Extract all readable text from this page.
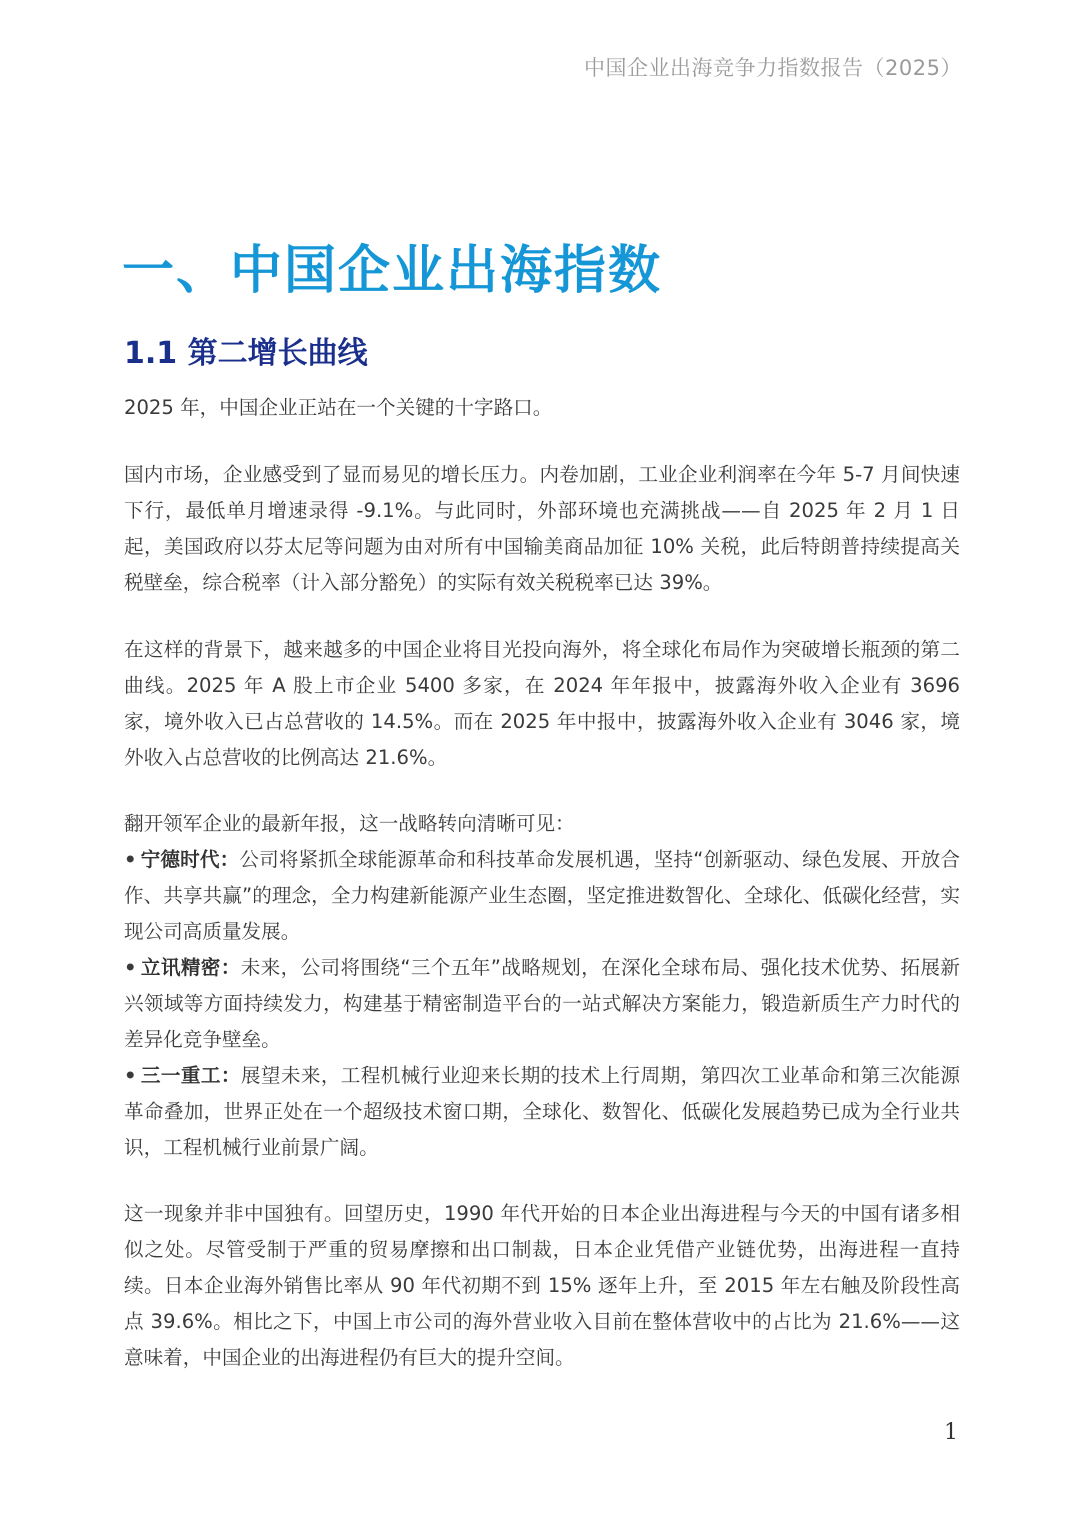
中国企业出海竞争力指数报告（2025）
一、中国企业出海指数
1.1 第二增长曲线

2025 年，中国企业正站在一个关键的十字路口。

国内市场，企业感受到了显而易见的增长压力。内卷加剧，工业企业利润率在今年 5-7 月间快速下行，最低单月增速录得 -9.1%。与此同时，外部环境也充满挑战——自 2025 年 2 月 1 日起，美国政府以芬太尼等问题为由对所有中国输美商品加征 10% 关税，此后特朗普持续提高关税壁垒，综合税率（计入部分豁免）的实际有效关税税率已达 39%。

在这样的背景下，越来越多的中国企业将目光投向海外，将全球化布局作为突破增长瓶颈的第二曲线。2025 年 A 股上市企业 5400 多家，在 2024 年年报中，披露海外收入企业有 3696 家，境外收入已占总营收的 14.5%。而在 2025 年中报中，披露海外收入企业有 3046 家，境外收入占总营收的比例高达 21.6%。

翻开领军企业的最新年报，这一战略转向清晰可见：
• 宁德时代：公司将紧抓全球能源革命和科技革命发展机遇，坚持“创新驱动、绿色发展、开放合作、共享共赢”的理念，全力构建新能源产业生态圈，坚定推进数智化、全球化、低碳化经营，实现公司高质量发展。
• 立讯精密：未来，公司将围绕“三个五年”战略规划，在深化全球布局、强化技术优势、拓展新兴领域等方面持续发力，构建基于精密制造平台的一站式解决方案能力，锻造新质生产力时代的差异化竞争壁垒。
• 三一重工：展望未来，工程机械行业迎来长期的技术上行周期，第四次工业革命和第三次能源革命叠加，世界正处在一个超级技术窗口期，全球化、数智化、低碳化发展趋势已成为全行业共识，工程机械行业前景广阔。

这一现象并非中国独有。回望历史，1990 年代开始的日本企业出海进程与今天的中国有诸多相似之处。尽管受制于严重的贸易摩擦和出口制裁，日本企业凭借产业链优势，出海进程一直持续。日本企业海外销售比率从 90 年代初期不到 15% 逐年上升，至 2015 年左右触及阶段性高点 39.6%。相比之下，中国上市公司的海外营业收入目前在整体营收中的占比为 21.6%——这意味着，中国企业的出海进程仍有巨大的提升空间。

1
